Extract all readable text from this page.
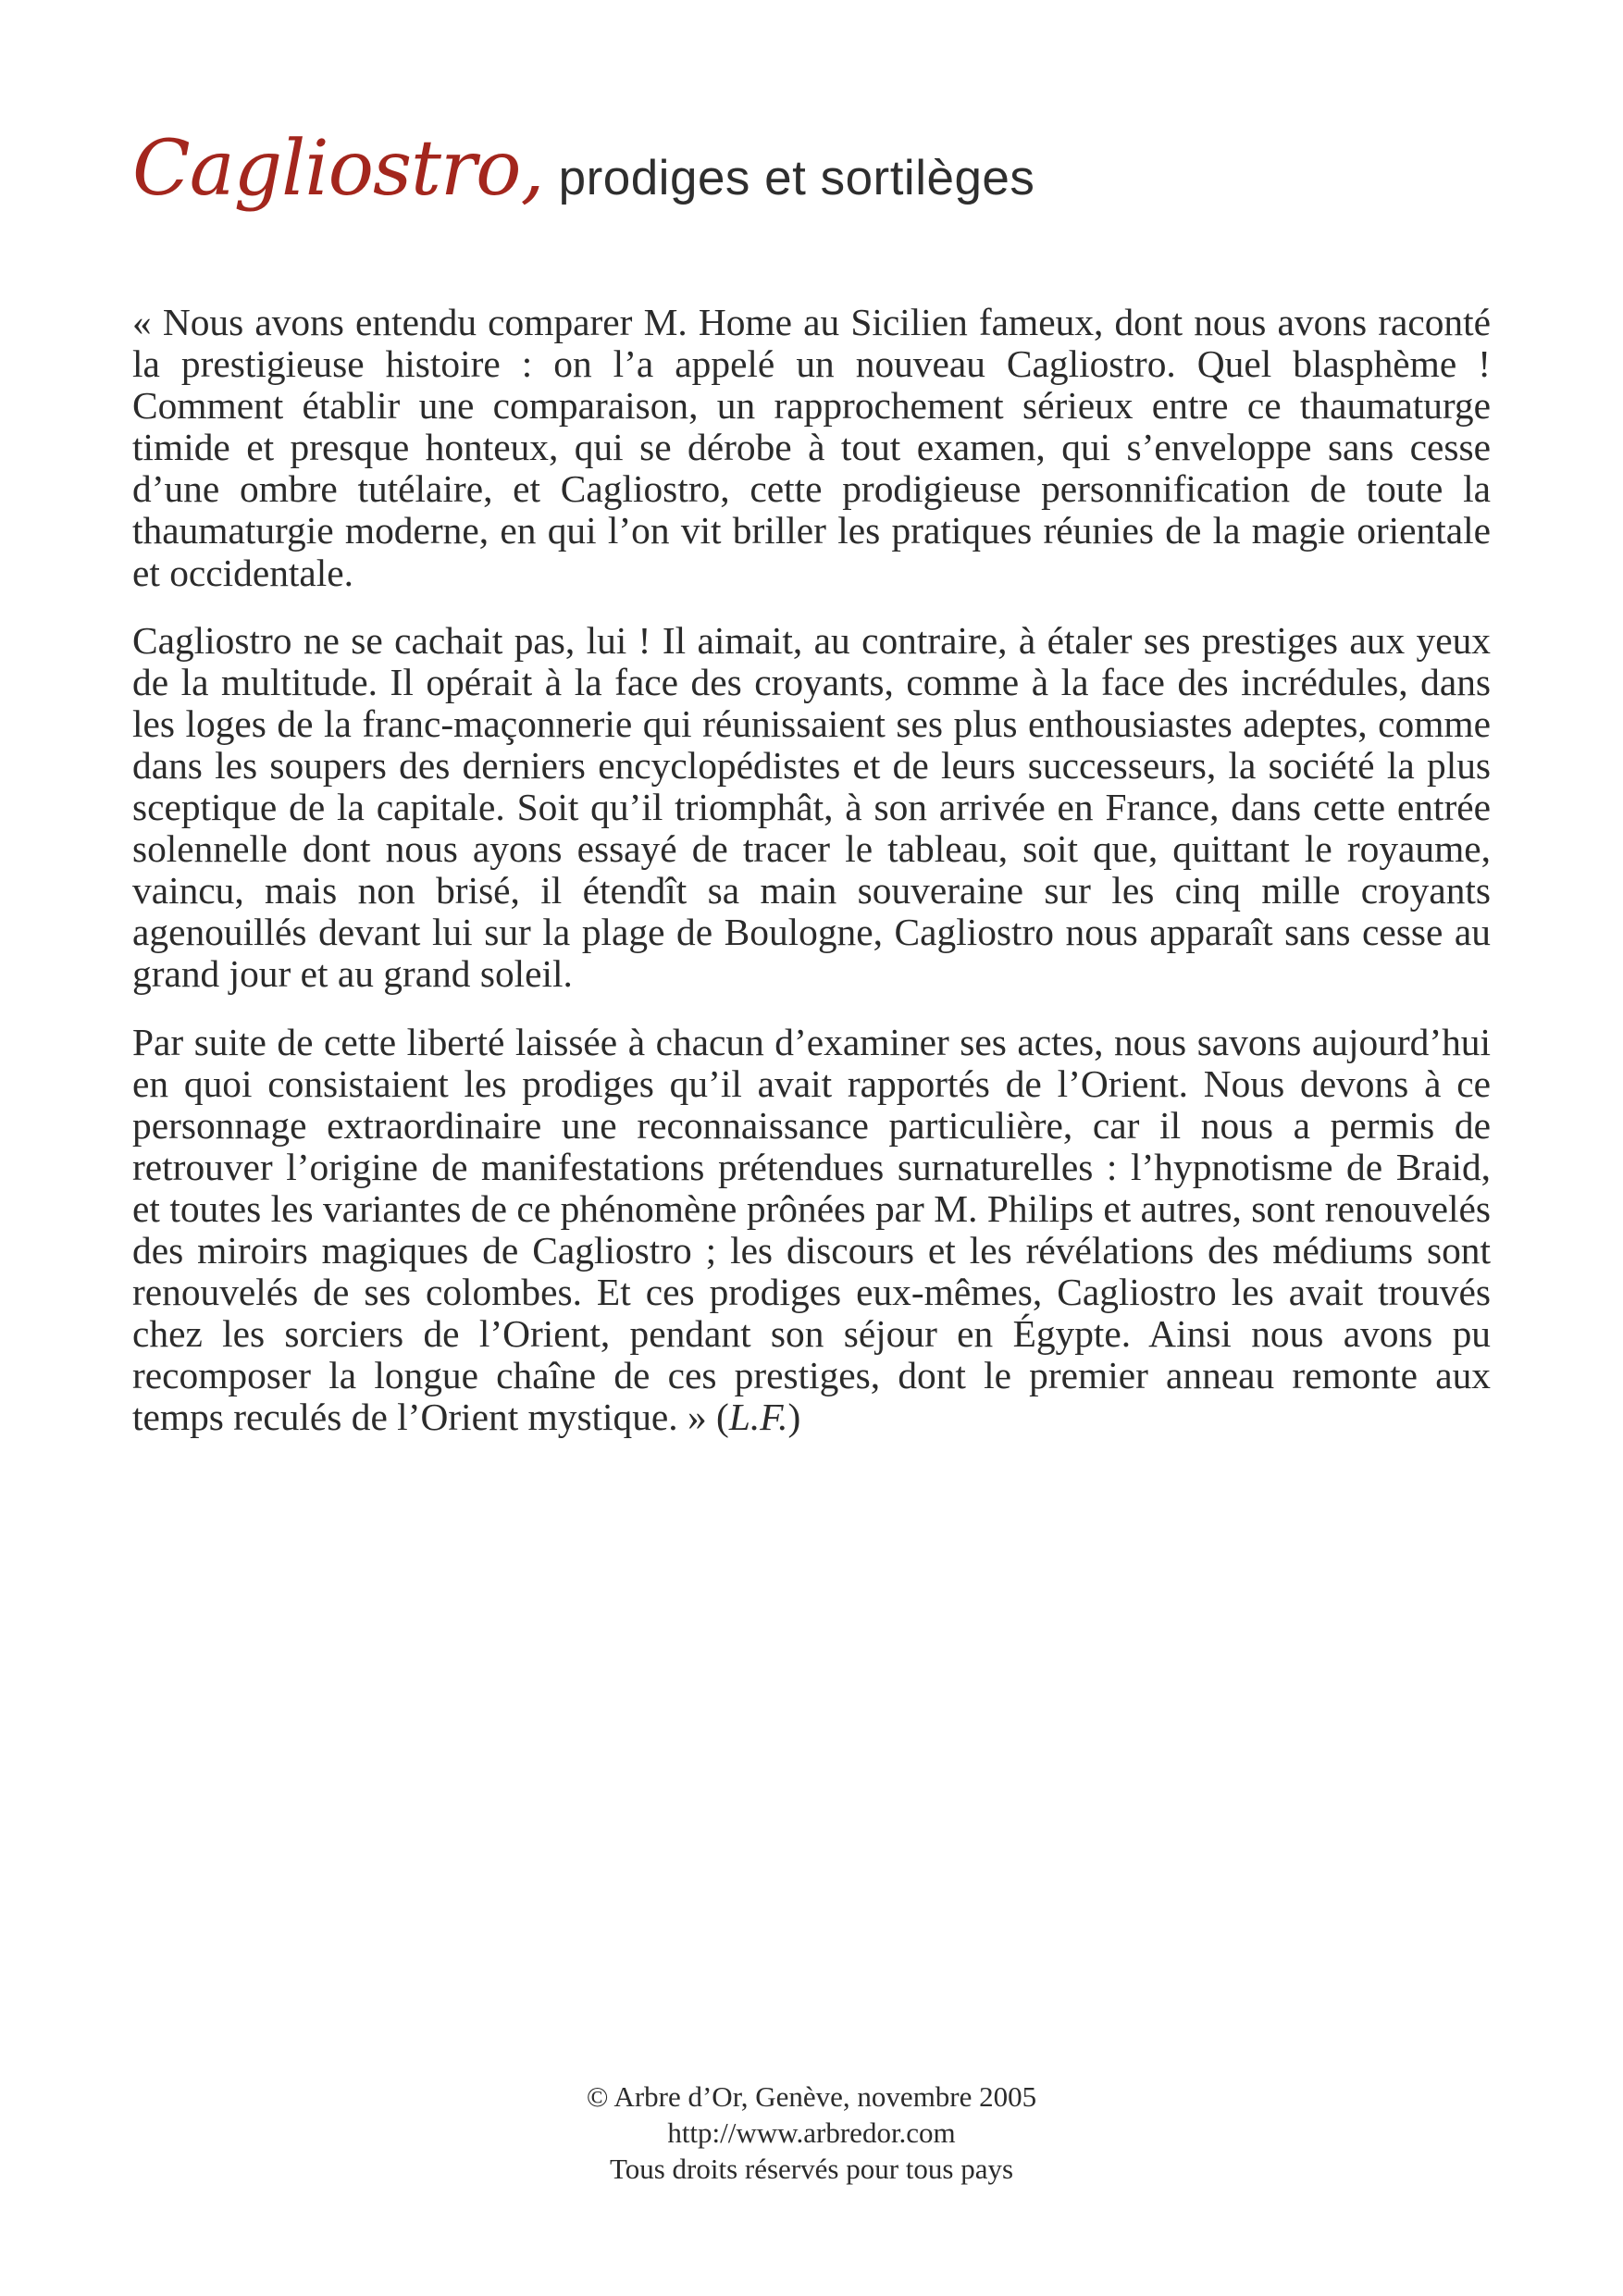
Cagliostro, prodiges et sortilèges

« Nous avons entendu comparer M. Home au Sicilien fameux, dont nous avons raconté la prestigieuse histoire : on l’a appelé un nouveau Cagliostro. Quel blasphème ! Comment établir une comparaison, un rapprochement sérieux entre ce thaumaturge timide et presque honteux, qui se dérobe à tout examen, qui s’enveloppe sans cesse d’une ombre tutélaire, et Cagliostro, cette prodigieuse personnification de toute la thaumaturgie moderne, en qui l’on vit briller les pratiques réunies de la magie orientale et occidentale.

Cagliostro ne se cachait pas, lui ! Il aimait, au contraire, à étaler ses prestiges aux yeux de la multitude. Il opérait à la face des croyants, comme à la face des incrédules, dans les loges de la franc-maçonnerie qui réunissaient ses plus enthousiastes adeptes, comme dans les soupers des derniers encyclopédistes et de leurs successeurs, la société la plus sceptique de la capitale. Soit qu’il triomphât, à son arrivée en France, dans cette entrée solennelle dont nous ayons essayé de tracer le tableau, soit que, quittant le royaume, vaincu, mais non brisé, il étendît sa main souveraine sur les cinq mille croyants agenouillés devant lui sur la plage de Boulogne, Cagliostro nous apparaît sans cesse au grand jour et au grand soleil.

Par suite de cette liberté laissée à chacun d’examiner ses actes, nous savons aujourd’hui en quoi consistaient les prodiges qu’il avait rapportés de l’Orient. Nous devons à ce personnage extraordinaire une reconnaissance particulière, car il nous a permis de retrouver l’origine de manifestations prétendues surnaturelles : l’hypnotisme de Braid, et toutes les variantes de ce phénomène prônées par M. Philips et autres, sont renouvelés des miroirs magiques de Cagliostro ; les discours et les révélations des médiums sont renouvelés de ses colombes. Et ces prodiges eux-mêmes, Cagliostro les avait trouvés chez les sorciers de l’Orient, pendant son séjour en Égypte. Ainsi nous avons pu recomposer la longue chaîne de ces prestiges, dont le premier anneau remonte aux temps reculés de l’Orient mystique. » (L.F.)

© Arbre d’Or, Genève, novembre 2005
http://www.arbredor.com
Tous droits réservés pour tous pays
